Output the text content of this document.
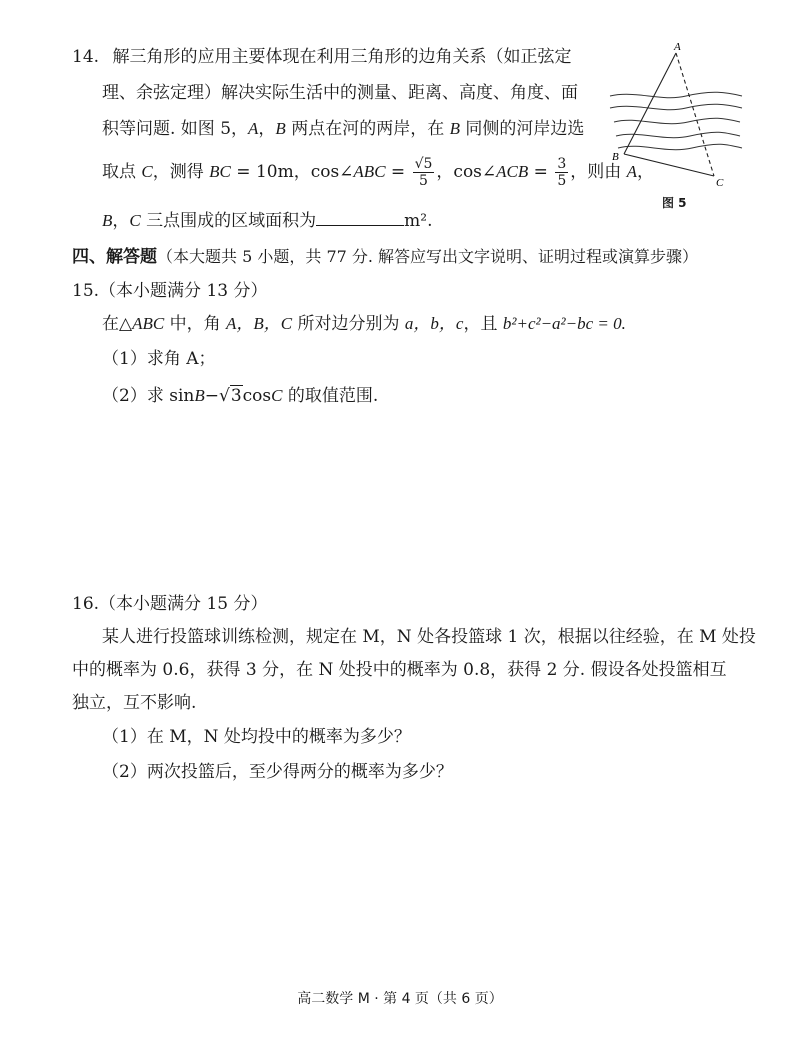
14. 解三角形的应用主要体现在利用三角形的边角关系（如正弦定
理、余弦定理）解决实际生活中的测量、距离、高度、角度、面
积等问题. 如图 5，A，B 两点在河的两岸，在 B 同侧的河岸边选
取点 C，测得 BC = 10m，cos∠ABC = $\frac{√5}{5}$ ，cos∠ACB = $\frac{3}{5}$ ，则由 A，
B，C 三点围成的区域面积为	m².
A
B
C
图 5
四、解答题（本大题共 5 小题，共 77 分. 解答应写出文字说明、证明过程或演算步骤）
15.（本小题满分 13 分）
在△ABC 中，角 A，B，C 所对边分别为 a，b，c，且 b²+c²−a²−bc = 0.
（1）求角 A；
（2）求 sinB−√3cosC 的取值范围.
16.（本小题满分 15 分）
某人进行投篮球训练检测，规定在 M，N 处各投篮球 1 次，根据以往经验，在 M 处投
中的概率为 0.6，获得 3 分，在 N 处投中的概率为 0.8，获得 2 分. 假设各处投篮相互
独立，互不影响.
（1）在 M，N 处均投中的概率为多少？
（2）两次投篮后，至少得两分的概率为多少？
高二数学 M · 第 4 页（共 6 页）
